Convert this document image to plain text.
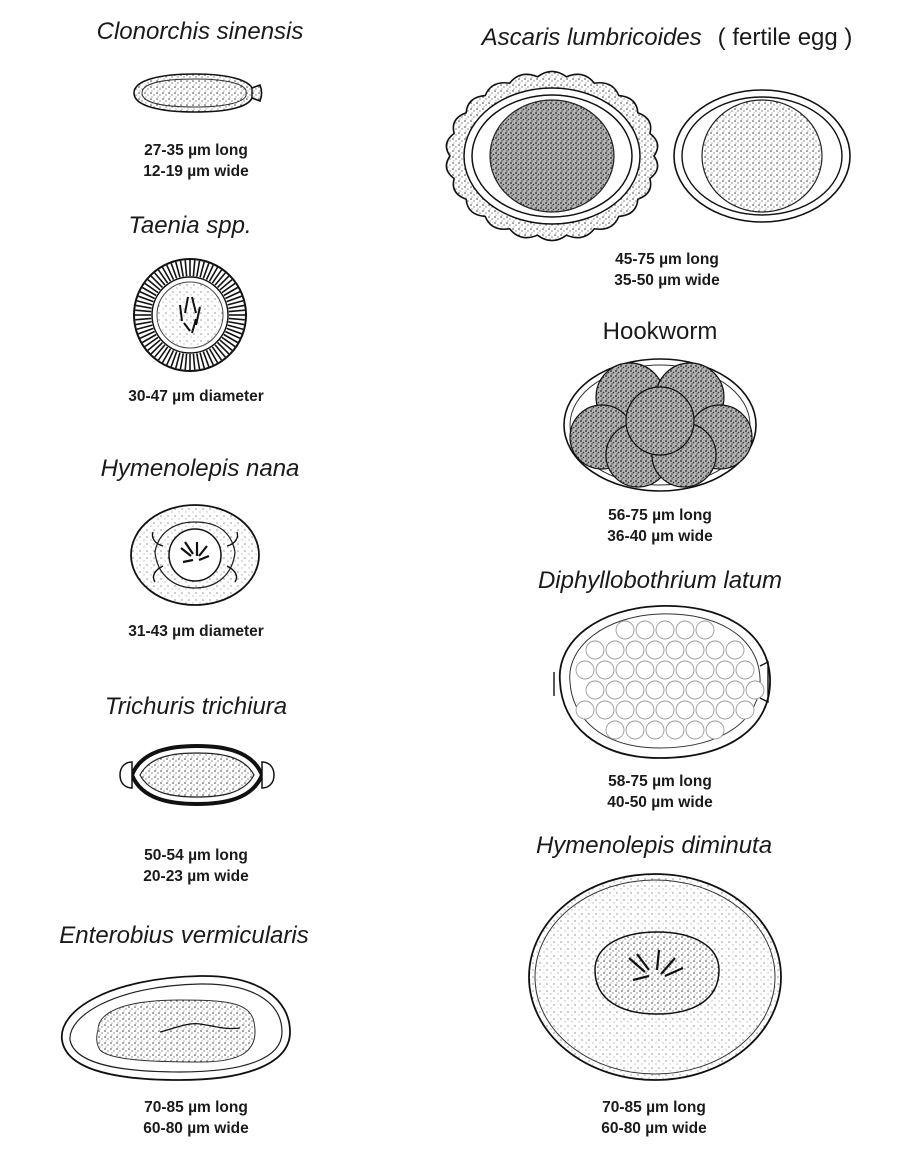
Clonorchis sinensis
27-35 µm long
12-19 µm wide
Taenia spp.
30-47 µm diameter
Hymenolepis nana
31-43 µm diameter
Trichuris trichiura
50-54 µm long
20-23 µm wide
Enterobius vermicularis
70-85 µm long
60-80 µm wide
Ascaris lumbricoides ( fertile egg )
45-75 µm long
35-50 µm wide
Hookworm
56-75 µm long
36-40 µm wide
Diphyllobothrium latum
58-75 µm long
40-50 µm wide
Hymenolepis diminuta
70-85 µm long
60-80 µm wide
